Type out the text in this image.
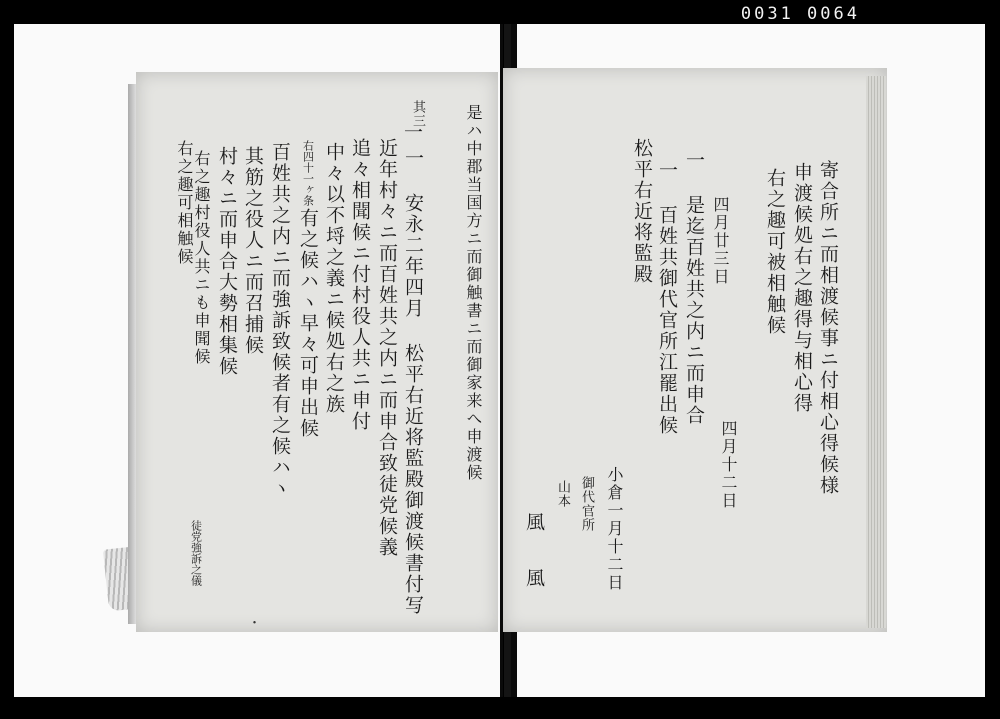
0031 0064
是ハ中郡当国方ニ而御触書ニ而御家来へ申渡候
其三
一
一 安永二年四月 松平右近将監殿御渡候書付写
近年村々ニ而百姓共之内ニ而申合致徒党候義
追々相聞候ニ付村役人共ニ申付
中々以不埒之義ニ候処右之族
右四十一ヶ条
有之候ハヽ早々可申出候
百姓共之内ニ而強訴致候者有之候ハヽ
其筋之役人ニ而召捕候
村々ニ而申合大勢相集候
右之趣村役人共ニも申聞候
右之趣可相触候
徒党強訴之儀
・
寄合所ニ而相渡候事ニ付相心得候様
申渡候処右之趣得与相心得
右之趣可被相触候
四月廿三日
一 是迄百姓共之内ニ而申合
一 百姓共御代官所江罷出候
松平右近将監殿
四月十二日
小倉一月十二日
御代官所
山本
風
風
